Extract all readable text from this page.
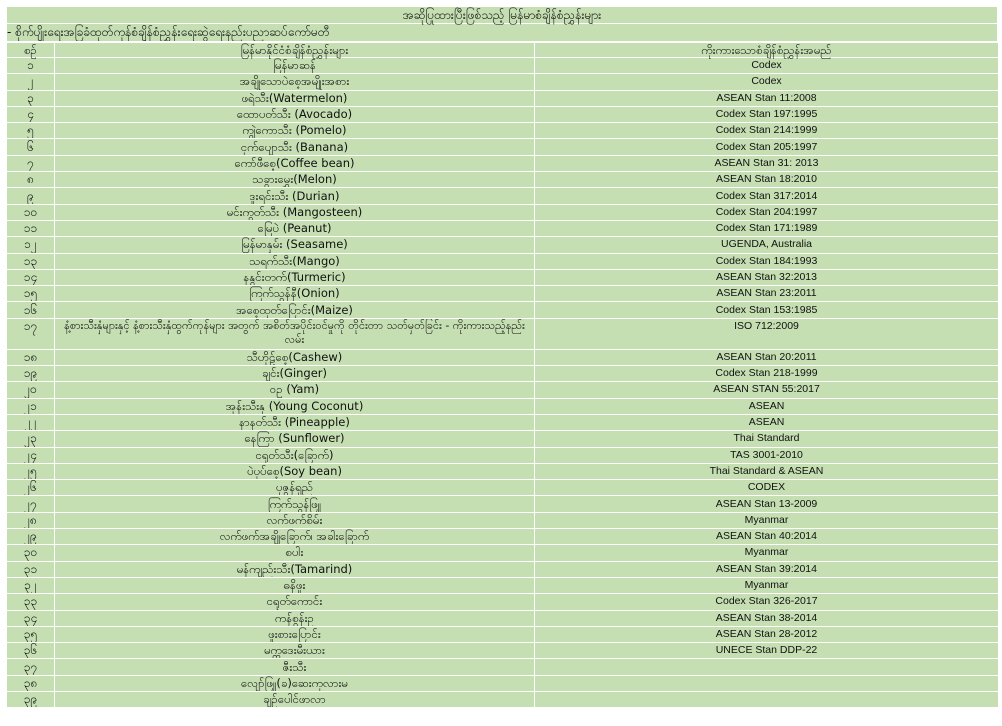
အဆိုပြုထားပြီးဖြစ်သည့် မြန်မာစံချိန်စံညွှန်းများ
- စိုက်ပျိုးရေးအခြခံထုတ်ကုန်စံချိန်စံညွှန်းရေးဆွဲရေးနည်းပညာဆပ်ကော်မတီ
စဉ်	မြန်မာနိုင်ငံစံချိန်စံညွှန်းများ	ကိုးကားသောစံချိန်စံညွှန်းအမည်
၁	မြန်မာဆန်	Codex
၂	အချိုသောပဲစေ့အမျိုးအစား	Codex
၃	ဖရဲသီး(Watermelon)	ASEAN Stan 11:2008
၄	ထောပတ်သီး (Avocado)	Codex Stan 197:1995
၅	ကျွဲကောသီး (Pomelo)	Codex Stan 214:1999
၆	ငှက်ပျောသီး (Banana)	Codex Stan 205:1997
၇	ကော်ဖီစေ့(Coffee bean)	ASEAN Stan 31: 2013
၈	သခွားမွှေး(Melon)	ASEAN Stan 18:2010
၉	ဒူးရင်းသီး (Durian)	Codex Stan 317:2014
၁၀	မင်းကွတ်သီး (Mangosteen)	Codex Stan 204:1997
၁၁	မြေပဲ (Peanut)	Codex Stan 171:1989
၁၂	မြန်မာနှမ်း (Seasame)	UGENDA, Australia
၁၃	သရက်သီး(Mango)	Codex Stan 184:1993
၁၄	နနွင်းတက်(Turmeric)	ASEAN Stan 32:2013
၁၅	ကြက်သွန်နီ(Onion)	ASEAN Stan 23:2011
၁၆	အစေ့ထုတ်ပြောင်း(Maize)	Codex Stan 153:1985
၁၇	နံ့စားသီးနှံများနှင့် နံ့စားသီးနှံထွက်ကုန်များ အတွက် အစိတ်အပိုင်းဝင်မှုကို တိုင်းတာ သတ်မှတ်ခြင်း - ကိုးကားသည့်နည်းလမ်း	ISO 712:2009
၁၈	သီဟိုဠ်စေ့(Cashew)	ASEAN Stan 20:2011
၁၉	ချင်း(Ginger)	Codex Stan 218-1999
၂၀	ဝဥ (Yam)	ASEAN STAN 55:2017
၂၁	အုန်းသီးနု (Young Coconut)	ASEAN
၂၂	နာနတ်သီး (Pineapple)	ASEAN
၂၃	နေကြာ (Sunflower)	Thai Standard
၂၄	ငရုတ်သီး(ခြောက်)	TAS 3001-2010
၂၅	ပဲပုပ်စေ့(Soy bean)	Thai Standard & ASEAN
၂၆	ပုဇွန်ရှည်	CODEX
၂၇	ကြက်သွန်ဖြူ	ASEAN Stan 13-2009
၂၈	လက်ဖက်စိမ်း	Myanmar
၂၉	လက်ဖက်အချိုခြောက်၊ အခါးခြောက်	ASEAN Stan 40:2014
၃၀	စပါး	Myanmar
၃၁	မန်ကျည်းသီး(Tamarind)	ASEAN Stan 39:2014
၃၂	ဓနိဖူး	Myanmar
၃၃	ငရုတ်ကောင်း	Codex Stan 326-2017
၃၄	ကန်စွန်းဥ	ASEAN Stan 38-2014
၃၅	ဖူးစားပြောင်း	ASEAN Stan 28-2012
၃၆	မက္ကဒေးမီးယား	UNECE Stan DDP-22
၃၇	ဇီးသီး	
၃၈	လျော်ဖြူ(ခ)ဆေးကုလားမ	
၃၉	ချဉ်ပေါင်ဖာလာ	
